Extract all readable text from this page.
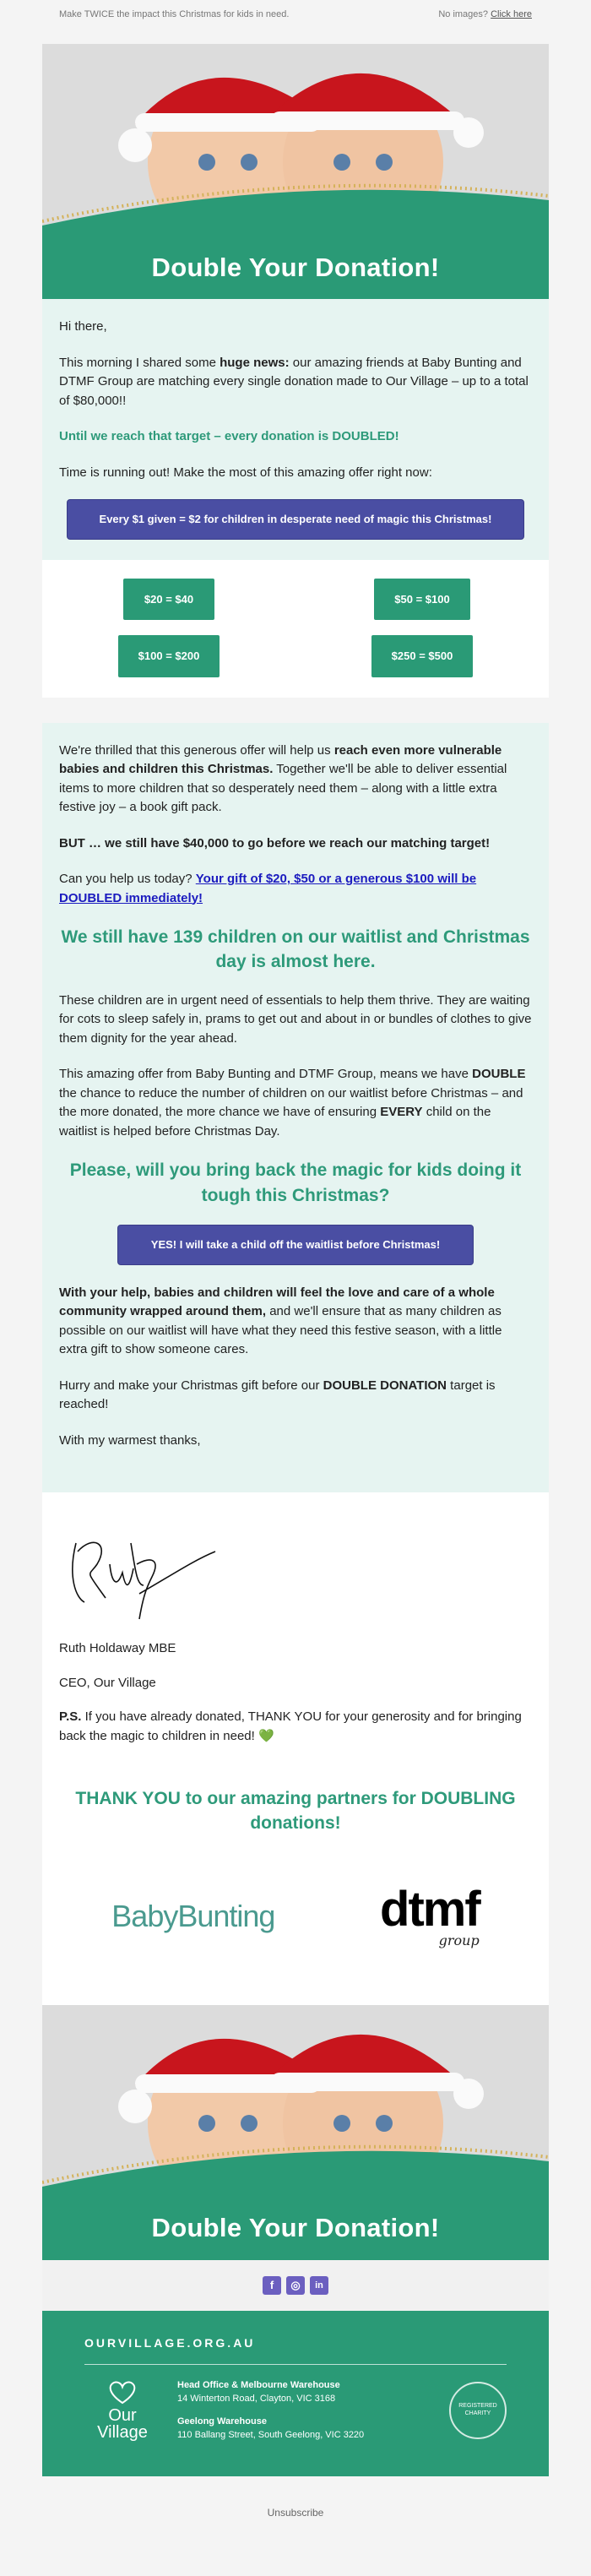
Make TWICE the impact this Christmas for kids in need.	No images? Click here
Double Your Donation!

Hi there,

This morning I shared some huge news: our amazing friends at Baby Bunting and DTMF Group are matching every single donation made to Our Village – up to a total of $80,000!!

Until we reach that target – every donation is DOUBLED!

Time is running out! Make the most of this amazing offer right now:

Every $1 given = $2 for children in desperate need of magic this Christmas!
$20 = $40	$50 = $100
$100 = $200	$250 = $500

We're thrilled that this generous offer will help us reach even more vulnerable babies and children this Christmas. Together we'll be able to deliver essential items to more children that so desperately need them – along with a little extra festive joy – a book gift pack.

BUT … we still have $40,000 to go before we reach our matching target!

Can you help us today? Your gift of $20, $50 or a generous $100 will be DOUBLED immediately!

We still have 139 children on our waitlist and Christmas day is almost here.

These children are in urgent need of essentials to help them thrive. They are waiting for cots to sleep safely in, prams to get out and about in or bundles of clothes to give them dignity for the year ahead.

This amazing offer from Baby Bunting and DTMF Group, means we have DOUBLE the chance to reduce the number of children on our waitlist before Christmas – and the more donated, the more chance we have of ensuring EVERY child on the waitlist is helped before Christmas Day.

Please, will you bring back the magic for kids doing it tough this Christmas?
YES! I will take a child off the waitlist before Christmas!

With your help, babies and children will feel the love and care of a whole community wrapped around them, and we'll ensure that as many children as possible on our waitlist will have what they need this festive season, with a little extra gift to show someone cares.

Hurry and make your Christmas gift before our DOUBLE DONATION target is reached!

With my warmest thanks,

Ruth Holdaway MBE

CEO, Our Village

P.S. If you have already donated, THANK YOU for your generosity and for bringing back the magic to children in need! 💚

THANK YOU to our amazing partners for DOUBLING donations!
BabyBunting dtmf
group
Double Your Donation!
f	◎	in
OURVILLAGE.ORG.AU
Our
Village
Head Office & Melbourne Warehouse
14 Winterton Road, Clayton, VIC 3168
Geelong Warehouse
110 Ballang Street, South Geelong, VIC 3220
REGISTERED CHARITY
Unsubscribe
